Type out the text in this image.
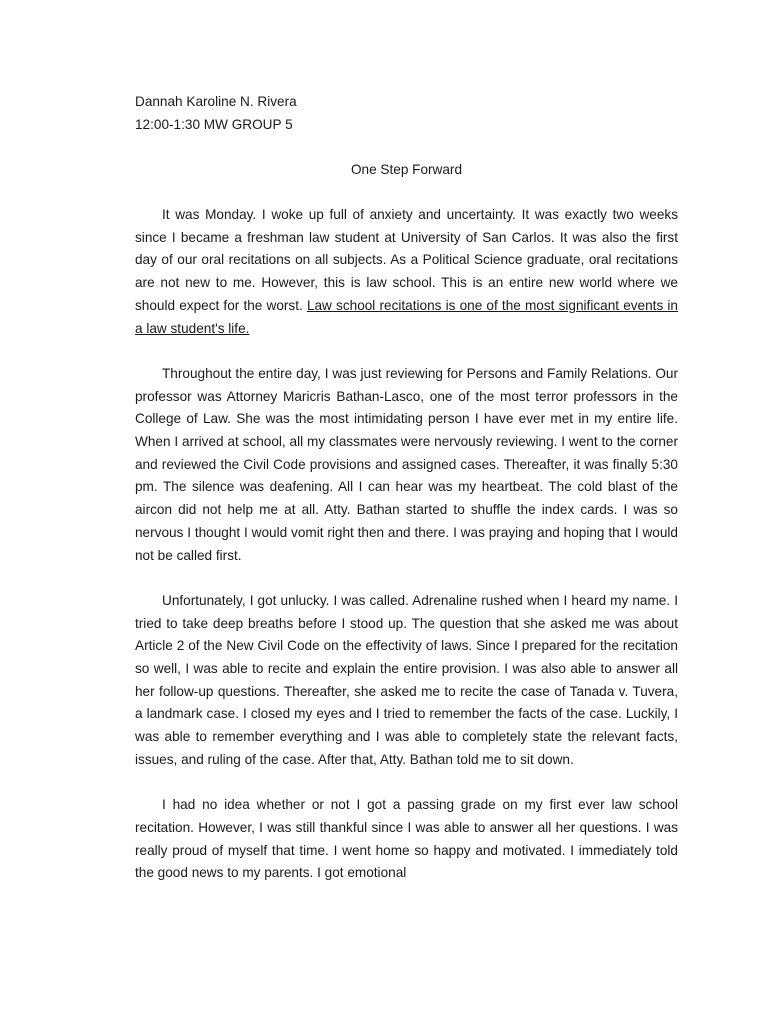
Dannah Karoline N. Rivera
12:00-1:30 MW GROUP 5
One Step Forward

It was Monday. I woke up full of anxiety and uncertainty. It was exactly two weeks since I became a freshman law student at University of San Carlos. It was also the first day of our oral recitations on all subjects. As a Political Science graduate, oral recitations are not new to me. However, this is law school. This is an entire new world where we should expect for the worst. Law school recitations is one of the most significant events in a law student's life.

Throughout the entire day, I was just reviewing for Persons and Family Relations. Our professor was Attorney Maricris Bathan-Lasco, one of the most terror professors in the College of Law. She was the most intimidating person I have ever met in my entire life. When I arrived at school, all my classmates were nervously reviewing. I went to the corner and reviewed the Civil Code provisions and assigned cases. Thereafter, it was finally 5:30 pm. The silence was deafening. All I can hear was my heartbeat. The cold blast of the aircon did not help me at all. Atty. Bathan started to shuffle the index cards. I was so nervous I thought I would vomit right then and there. I was praying and hoping that I would not be called first.

Unfortunately, I got unlucky. I was called. Adrenaline rushed when I heard my name. I tried to take deep breaths before I stood up. The question that she asked me was about Article 2 of the New Civil Code on the effectivity of laws. Since I prepared for the recitation so well, I was able to recite and explain the entire provision. I was also able to answer all her follow-up questions. Thereafter, she asked me to recite the case of Tanada v. Tuvera, a landmark case. I closed my eyes and I tried to remember the facts of the case. Luckily, I was able to remember everything and I was able to completely state the relevant facts, issues, and ruling of the case. After that, Atty. Bathan told me to sit down.

I had no idea whether or not I got a passing grade on my first ever law school recitation. However, I was still thankful since I was able to answer all her questions. I was really proud of myself that time. I went home so happy and motivated. I immediately told the good news to my parents. I got emotional
